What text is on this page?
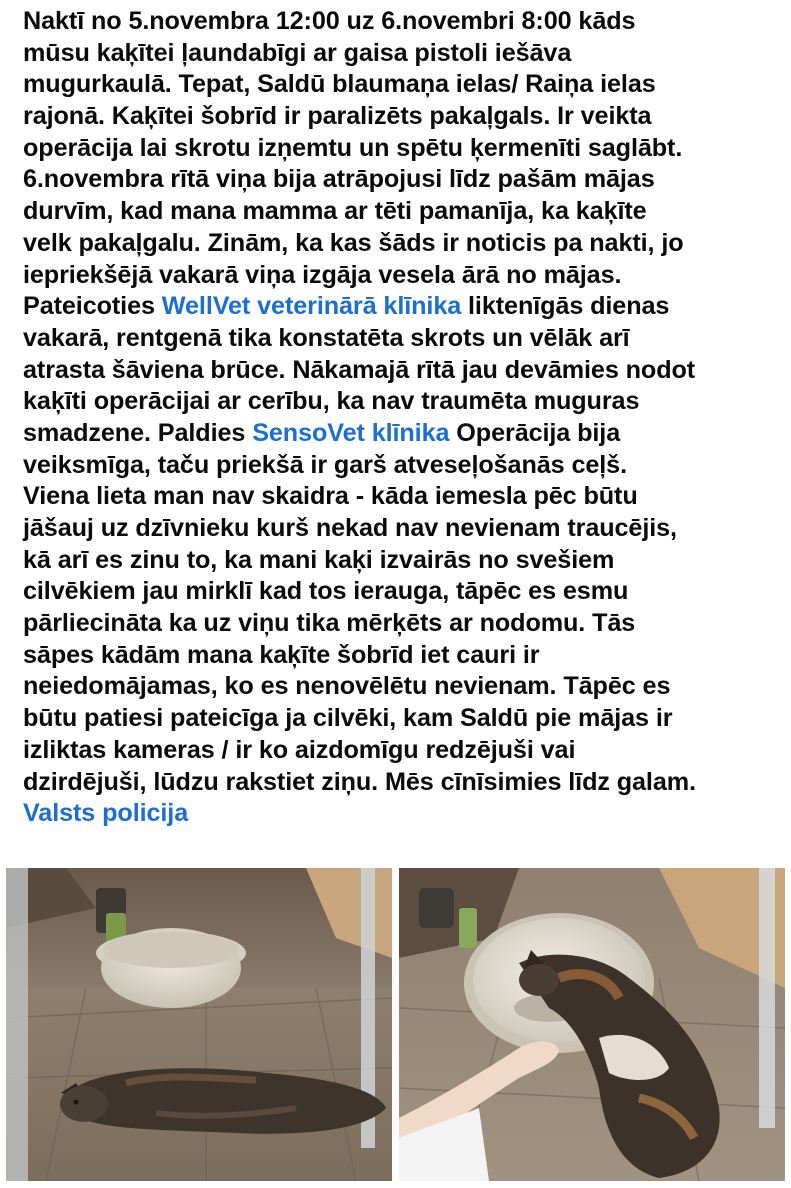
Naktī no 5.novembra 12:00 uz 6.novembri 8:00 kāds
mūsu kaķītei ļaundabīgi ar gaisa pistoli iešāva
mugurkaulā. Tepat, Saldū blaumaņa ielas/ Raiņa ielas
rajonā. Kaķītei šobrīd ir paralizēts pakaļgals. Ir veikta
operācija lai skrotu izņemtu un spētu ķermenīti saglābt.
6.novembra rītā viņa bija atrāpojusi līdz pašām mājas
durvīm, kad mana mamma ar tēti pamanīja, ka kaķīte
velk pakaļgalu. Zinām, ka kas šāds ir noticis pa nakti, jo
iepriekšējā vakarā viņa izgāja vesela ārā no mājas.
Pateicoties WellVet veterinārā klīnika liktenīgās dienas
vakarā, rentgenā tika konstatēta skrots un vēlāk arī
atrasta šāviena brūce. Nākamajā rītā jau devāmies nodot
kaķīti operācijai ar cerību, ka nav traumēta muguras
smadzene. Paldies SensoVet klīnika Operācija bija
veiksmīga, taču priekšā ir garš atveseļošanās ceļš.
Viena lieta man nav skaidra - kāda iemesla pēc būtu
jāšauj uz dzīvnieku kurš nekad nav nevienam traucējis,
kā arī es zinu to, ka mani kaķi izvairās no svešiem
cilvēkiem jau mirklī kad tos ierauga, tāpēc es esmu
pārliecināta ka uz viņu tika mērķēts ar nodomu. Tās
sāpes kādām mana kaķīte šobrīd iet cauri ir
neiedomājamas, ko es nenovēlētu nevienam. Tāpēc es
būtu patiesi pateicīga ja cilvēki, kam Saldū pie mājas ir
izliktas kameras / ir ko aizdomīgu redzējuši vai
dzirdējuši, lūdzu rakstiet ziņu. Mēs cīnīsimies līdz galam.
Valsts policija
